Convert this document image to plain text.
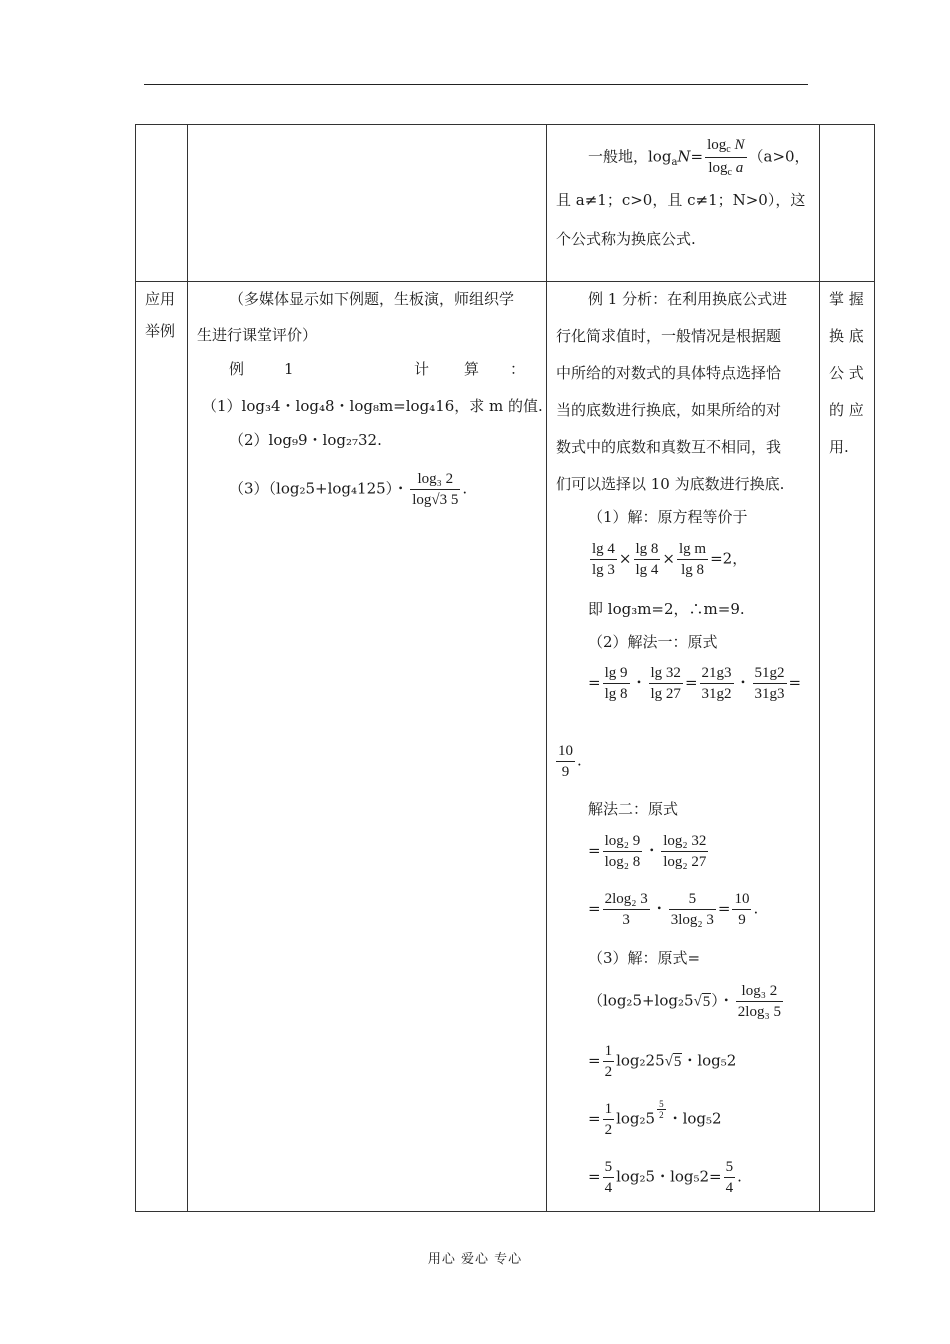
一般地，$\log_aN= \frac{\log_c N}{\log_c a} (a>0$，
且 a≠1；c>0，且 c≠1；N>0），这
个公式称为换底公式.
应用
举例
（多媒体显示如下例题，生板演，师组织学
生进行课堂评价）
例	1	计 算 ：
（1）log₃4・log₄8・log₈m=log₄16，求 m 的值.
（2）log₉9・log₂₇32.
（3）（log₂5+log₄125）・ $\frac{\text{log₃ 2}}{\log√3 5}$ .
例 1 分析：在利用换底公式进
行化简求值时，一般情况是根据题
中所给的对数式的具体特点选择恰
当的底数进行换底，如果所给的对
数式中的底数和真数互不相同，我
们可以选择以 10 为底数进行换底.
（1）解：原方程等价于
$\frac{\lg 4}{\lg 3} \times \frac{\lg 8}{\lg 4} \times \frac{\text{lg m}}{\lg 8} =2$，
即 log₃m=2，∴m=9.
（2）解法一：原式
= $\frac{\lg 9}{\lg 8}$ ・ $\frac{\lg 32}{\lg 27} = \frac{21g3}{31g2}$ ・ $\frac{51g2}{31g3}$ =
$\frac{10}{9}$ .
解法二：原式
= $\frac{\text{log₂ 9}}{\text{log₂ 8}}$ ・ $\frac{\text{log₂ 32}}{\text{log₂ 27}}$
= $\frac{\text{2log₂ 3}}{3}$ ・ $\frac{5}{\text{3log₂ 3}} = \frac{10}{9}$ .
（3）解：原式=
（log₂5+log₂5√5）・ $\frac{\text{log₃ 2}}{\text{2log₃ 5}}$
= $\frac{1}{2} \log_225√5$・log₅2
= $\frac{1}{2} \log_25 \frac{5}{2}$ ・log₅2
= $\frac{5}{4} \log_25$・$\log_52= \frac{5}{4}$ .
掌 握
换 底
公 式
的 应
用.
用心 爱心 专心
